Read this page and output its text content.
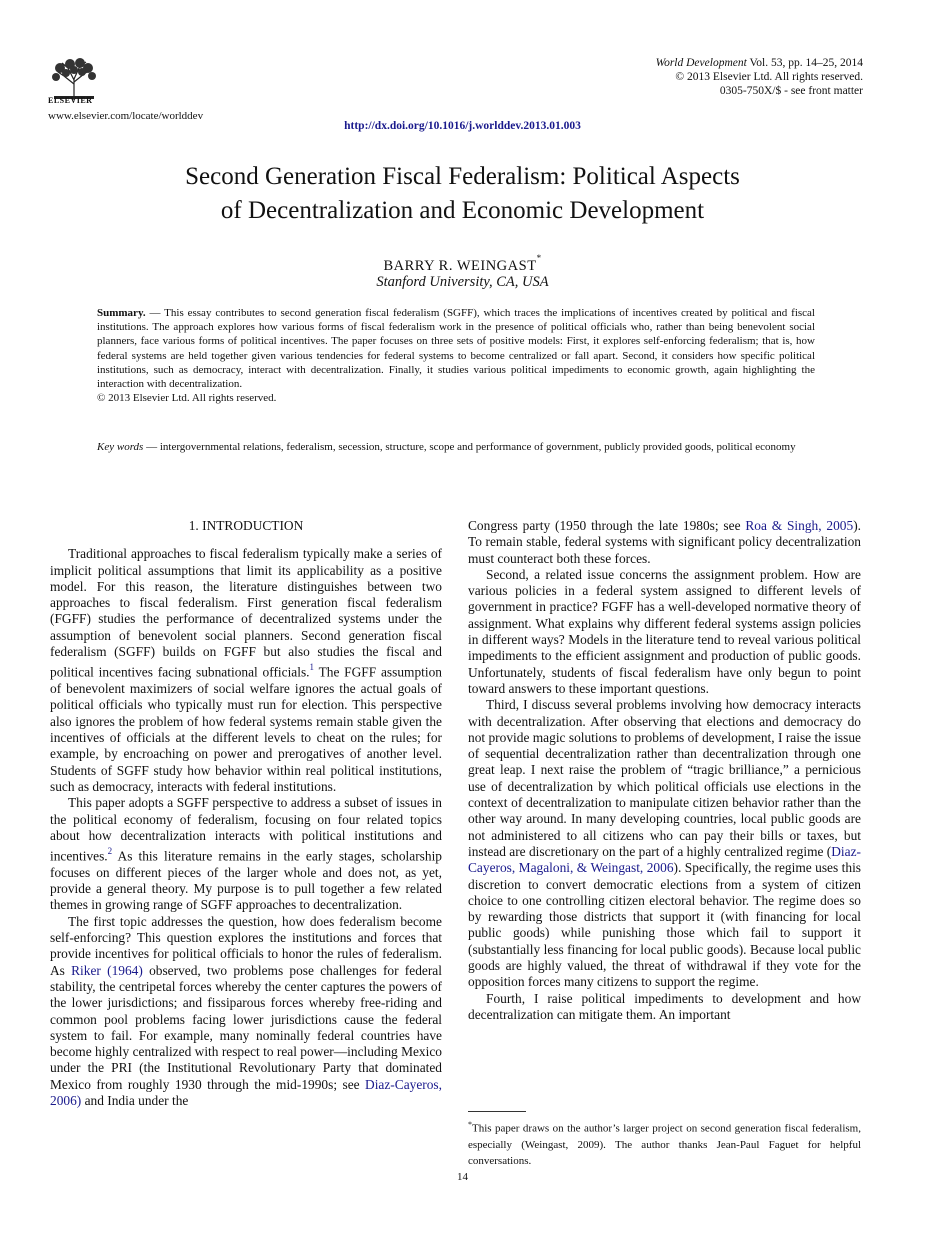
ELSEVIER
www.elsevier.com/locate/worlddev
World Development Vol. 53, pp. 14–25, 2014
© 2013 Elsevier Ltd. All rights reserved.
0305-750X/$ - see front matter
http://dx.doi.org/10.1016/j.worlddev.2013.01.003
Second Generation Fiscal Federalism: Political Aspects
of Decentralization and Economic Development
BARRY R. WEINGAST*
Stanford University, CA, USA
Summary. — This essay contributes to second generation fiscal federalism (SGFF), which traces the implications of incentives created by political and fiscal institutions. The approach explores how various forms of fiscal federalism work in the presence of political officials who, rather than being benevolent social planners, face various forms of political incentives. The paper focuses on three sets of positive models: First, it explores self-enforcing federalism; that is, how federal systems are held together given various tendencies for federal systems to become centralized or fall apart. Second, it considers how specific political institutions, such as democracy, interact with decentralization. Finally, it studies various political impediments to economic growth, again highlighting the interaction with decentralization.
© 2013 Elsevier Ltd. All rights reserved.
Key words — intergovernmental relations, federalism, secession, structure, scope and performance of government, publicly provided goods, political economy
1. INTRODUCTION

Traditional approaches to fiscal federalism typically make a series of implicit political assumptions that limit its applicability as a positive model. For this reason, the literature distinguishes between two approaches to fiscal federalism. First generation fiscal federalism (FGFF) studies the performance of decentralized systems under the assumption of benevolent social planners. Second generation fiscal federalism (SGFF) builds on FGFF but also studies the fiscal and political incentives facing subnational officials.$^1$ The FGFF assumption of benevolent maximizers of social welfare ignores the actual goals of political officials who typically must run for election. This perspective also ignores the problem of how federal systems remain stable given the incentives of officials at the different levels to cheat on the rules; for example, by encroaching on power and prerogatives of another level. Students of SGFF study how behavior within real political institutions, such as democracy, interacts with federal institutions.

This paper adopts a SGFF perspective to address a subset of issues in the political economy of federalism, focusing on four related topics about how decentralization interacts with political institutions and incentives.$^2$ As this literature remains in the early stages, scholarship focuses on different pieces of the larger whole and does not, as yet, provide a general theory. My purpose is to pull together a few related themes in growing range of SGFF approaches to decentralization.

The first topic addresses the question, how does federalism become self-enforcing? This question explores the institutions and forces that provide incentives for political officials to honor the rules of federalism. As Riker (1964) observed, two problems pose challenges for federal stability, the centripetal forces whereby the center captures the powers of the lower jurisdictions; and fissiparous forces whereby free-riding and common pool problems facing lower jurisdictions cause the federal system to fail. For example, many nominally federal countries have become highly centralized with respect to real power—including Mexico under the PRI (the Institutional Revolutionary Party that dominated Mexico from roughly 1930 through the mid-1990s; see Diaz-Cayeros, 2006) and India under the

Congress party (1950 through the late 1980s; see Roa & Singh, 2005). To remain stable, federal systems with significant policy decentralization must counteract both these forces.

Second, a related issue concerns the assignment problem. How are various policies in a federal system assigned to different levels of government in practice? FGFF has a well-developed normative theory of assignment. What explains why different federal systems assign policies in different ways? Models in the literature tend to reveal various political impediments to the efficient assignment and production of public goods. Unfortunately, students of fiscal federalism have only begun to point toward answers to these important questions.

Third, I discuss several problems involving how democracy interacts with decentralization. After observing that elections and democracy do not provide magic solutions to problems of development, I raise the issue of sequential decentralization rather than decentralization through one great leap. I next raise the problem of “tragic brilliance,” a pernicious use of decentralization by which political officials use elections in the context of decentralization to manipulate citizen behavior rather than the other way around. In many developing countries, local public goods are not administered to all citizens who can pay their bills or taxes, but instead are discretionary on the part of a highly centralized regime (Diaz-Cayeros, Magaloni, & Weingast, 2006). Specifically, the regime uses this discretion to convert democratic elections from a system of citizen choice to one controlling citizen electoral behavior. The regime does so by rewarding those districts that support it (with financing for local public goods) while punishing those which fail to support it (substantially less financing for local public goods). Because local public goods are highly valued, the threat of withdrawal if they vote for the opposition forces many citizens to support the regime.

Fourth, I raise political impediments to development and how decentralization can mitigate them. An important

*This paper draws on the author’s larger project on second generation fiscal federalism, especially (Weingast, 2009). The author thanks Jean-Paul Faguet for helpful conversations.
14
